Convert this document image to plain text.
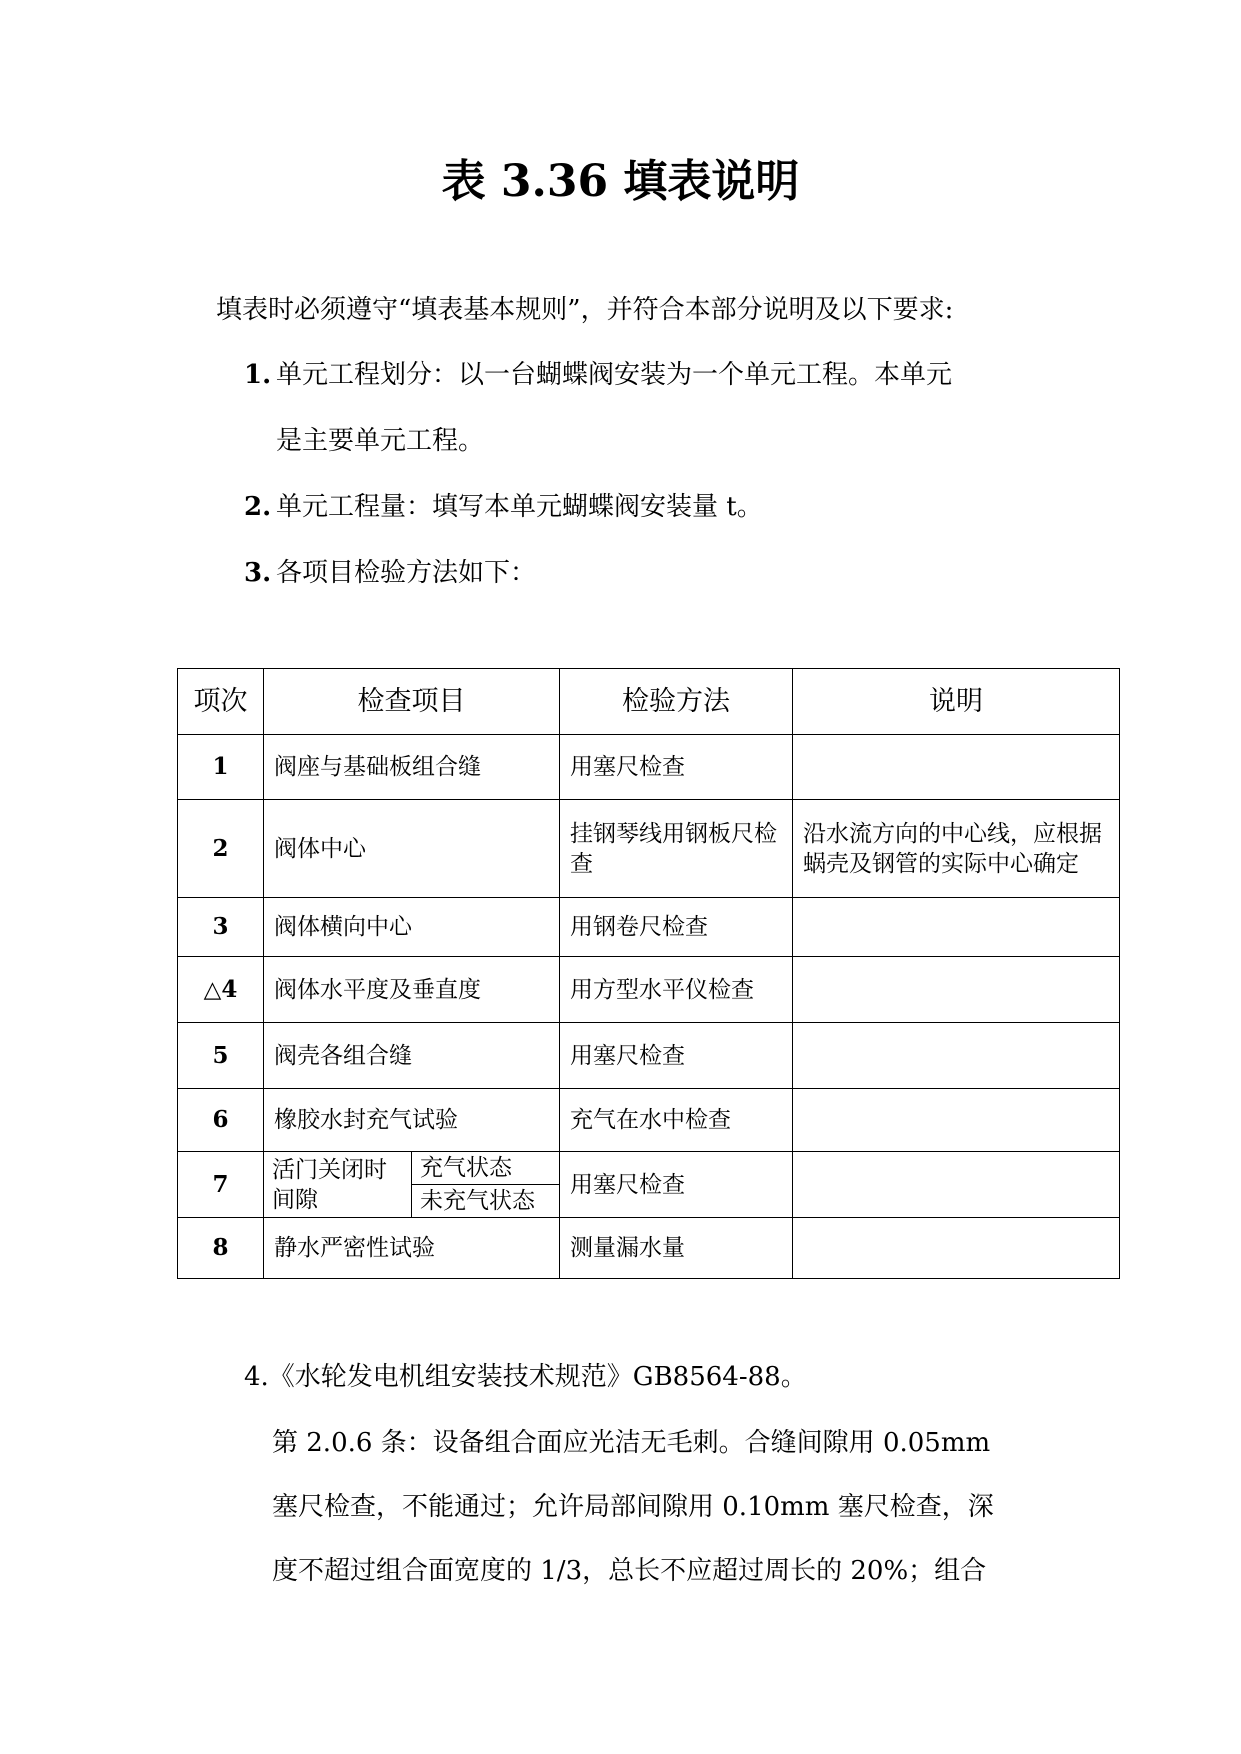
表 3.36 填表说明
填表时必须遵守“填表基本规则”，并符合本部分说明及以下要求:
1. 单元工程划分：以一台蝴蝶阀安装为一个单元工程。本单元
是主要单元工程。
2. 单元工程量：填写本单元蝴蝶阀安装量 t。
3. 各项目检验方法如下：
项次	检查项目		检验方法	说明
1	阀座与基础板组合缝		用塞尺检查	
2	阀体中心		挂钢琴线用钢板尺检查	沿水流方向的中心线，应根据蜗壳及钢管的实际中心确定
3	阀体横向中心		用钢卷尺检查	
△4	阀体水平度及垂直度		用方型水平仪检查	
5	阀壳各组合缝		用塞尺检查	
6	橡胶水封充气试验		充气在水中检查	
7	活门关闭时间隙	充气状态	用塞尺检查	
		未充气状态		
8	静水严密性试验		测量漏水量	
4.《水轮发电机组安装技术规范》GB8564-88。
第 2.0.6 条：设备组合面应光洁无毛刺。合缝间隙用 0.05mm
塞尺检查，不能通过；允许局部间隙用 0.10mm 塞尺检查，深
度不超过组合面宽度的 1/3，总长不应超过周长的 20%；组合
